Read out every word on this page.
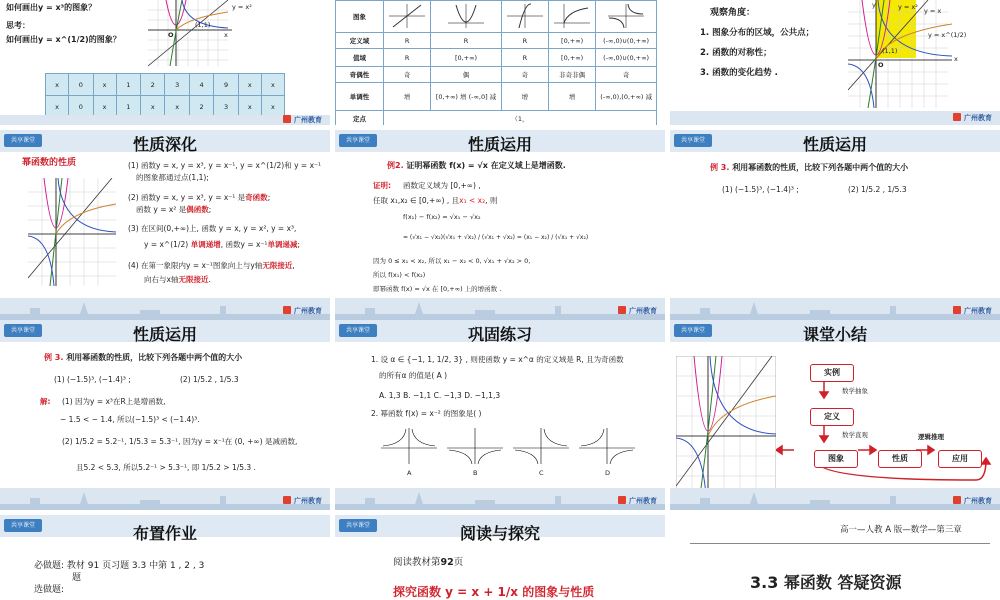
如何画出y = x³的图象？
思考：
如何画出y = x^(1/2)的图象？
y = x²
(1,1)
O	x
x	0	x	1	2	3	4	9	x	x
x	0	x	1	x	x	2	3	x	x
广州教育
图象					
定义域	R	R	R	[0,+∞)	(-∞,0)∪(0,+∞)
值域	R	[0,+∞)	R	[0,+∞)	(-∞,0)∪(0,+∞)
奇偶性	奇	偶	奇	非奇非偶	奇
单调性	增	[0,+∞) 增 (-∞,0] 减	增	增	(-∞,0),(0,+∞) 减
定点	（1，				
观察角度：
1. 图象分布的区域，公共点；
2. 函数的对称性；
3. 函数的变化趋势 .
y
y = x
y = x²
y = x^(1/2)
(1,1)
O
x
广州教育
共享课堂	性质深化
幂函数的性质	(1) 函数y = x, y = x³, y = x⁻¹, y = x^(1/2)和 y = x⁻¹
的图象都通过点(1,1);
(2) 函数y = x, y = x³, y = x⁻¹ 是奇函数;
函数 y = x² 是偶函数;
(3) 在区间(0,+∞)上, 函数 y = x, y = x², y = x³,
y = x^(1/2) 单调递增, 函数y = x⁻¹单调递减;
(4) 在第一象限内y = x⁻¹图象向上与y轴无限接近,
向右与x轴无限接近.
广州教育
共享课堂	性质运用
例2. 证明幂函数 f(x) = √x 在定义域上是增函数.
证明: 函数定义域为 [0,+∞) ,
任取 x₁,x₂ ∈ [0,+∞) , 且x₁ < x₂, 则
f(x₁) − f(x₂) = √x₁ − √x₂
= (√x₁ − √x₂)(√x₁ + √x₂) / (√x₁ + √x₂) = (x₁ − x₂) / (√x₁ + √x₂)
因为 0 ≤ x₁ < x₂, 所以 x₁ − x₂ < 0, √x₁ + √x₂ > 0,
所以 f(x₁) < f(x₂)
即幂函数 f(x) = √x 在 [0,+∞) 上的增函数 .
广州教育
共享课堂	性质运用
例 3. 利用幂函数的性质，比较下列各题中两个值的大小
(1) (−1.5)³, (−1.4)³ ;	(2) 1/5.2 , 1/5.3
广州教育
共享课堂	性质运用
例 3. 利用幂函数的性质，比较下列各题中两个值的大小
(1) (−1.5)³, (−1.4)³ ;	(2) 1/5.2 , 1/5.3
解: (1) 因为y = x³在R上是增函数,
− 1.5 < − 1.4, 所以(−1.5)³ < (−1.4)³.
(2) 1/5.2 = 5.2⁻¹, 1/5.3 = 5.3⁻¹, 因为y = x⁻¹在 (0, +∞) 是减函数,
且5.2 < 5.3, 所以5.2⁻¹ > 5.3⁻¹, 即 1/5.2 > 1/5.3 .
广州教育
共享课堂	巩固练习
1. 设 α ∈ {−1, 1, 1/2, 3} , 则使函数 y = x^α 的定义域是 R, 且为奇函数
的所有α 的值是( A )
A. 1,3 B. −1,1 C. −1,3 D. −1,1,3
2. 幂函数 f(x) = x⁻² 的图象是( )
A	B	C	D
广州教育
共享课堂	课堂小结
实例
定义
图象	性质	应用
数学抽象
数学直观	逻辑推理
广州教育
共享课堂	布置作业
必做题: 教材 91 页习题 3.3 中第 1 , 2 , 3
题
选做题:
共享课堂	阅读与探究
阅读教材第92页
探究函数 y = x + 1/x 的图象与性质
高一—人教 A 版—数学—第三章
3.3 幂函数 答疑资源
